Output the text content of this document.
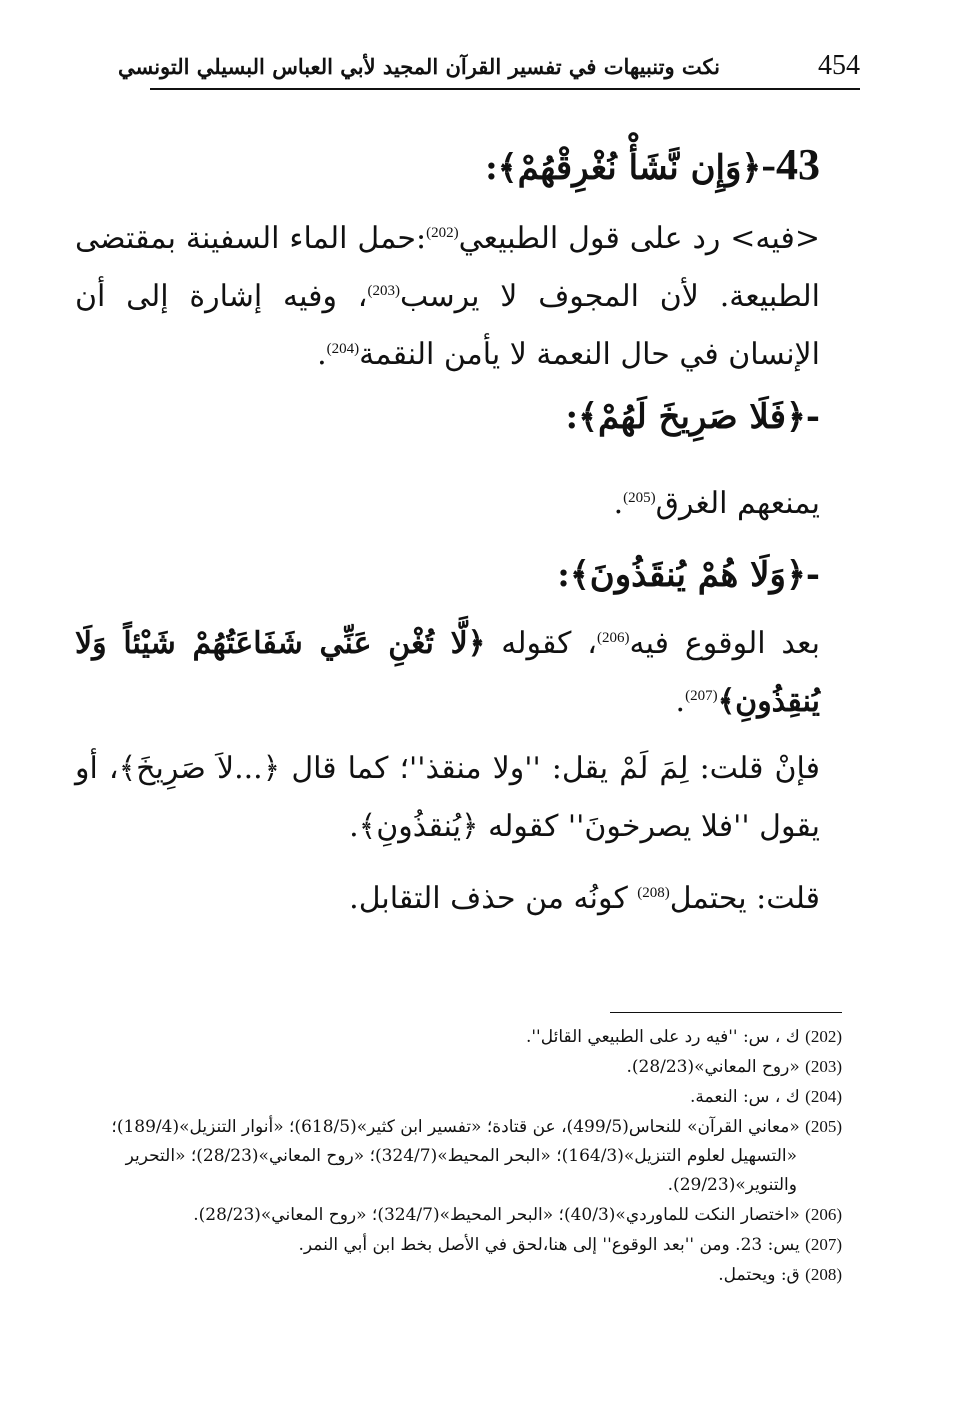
نكت وتنبيهات في تفسير القرآن المجيد لأبي العباس البسيلي التونسي	454

43-﴿وَإِن نَّشَأْ نُغْرِقْهُمْ﴾:

<فيه> رد على قول الطبيعي$^{(202)}$:حمل الماء السفينة بمقتضى الطبيعة. لأن المجوف لا يرسب$^{(203)}$، وفيه إشارة إلى أن الإنسان في حال النعمة لا يأمن النقمة$^{(204)}$.

-﴿فَلَا صَرِيخَ لَهُمْ﴾:

يمنعهم الغرق$^{(205)}$.

-﴿وَلَا هُمْ يُنقَذُونَ﴾:

بعد الوقوع فيه$^{(206)}$، كقوله ﴿لَّا تُغْنِ عَنِّي شَفَاعَتُهُمْ شَيْئاً وَلَا يُنقِذُونِ﴾$^{(207)}$.

فإنْ قلت: لِمَ لَمْ يقل: ''ولا منقذ''؛ كما قال ﴿...لاَ صَرِيخَ﴾، أو يقول ''فلا يصرخونَ'' كقوله ﴿يُنقذُونِ﴾.

قلت: يحتمل$^{(208)}$ كونُه من حذف التقابل.

(202) ك ، س: ''فيه رد على الطبيعي القائل''.

(203) «روح المعاني»(28/23).

(204) ك ، س: النعمة.

(205) «معاني القرآن» للنحاس(499/5)، عن قتادة؛ «تفسير ابن كثير»(618/5)؛ «أنوار التنزيل»(189/4)؛

«التسهيل لعلوم التنزيل»(164/3)؛ «البحر المحيط»(324/7)؛ «روح المعاني»(28/23)؛ «التحرير

والتنوير»(29/23).

(206) «اختصار النكت للماوردي»(40/3)؛ «البحر المحيط»(324/7)؛ «روح المعاني»(28/23).

(207) يس: 23. ومن ''بعد الوقوع'' إلى هنا،لحق في الأصل بخط ابن أبي النمر.

(208) ق: ويحتمل.
